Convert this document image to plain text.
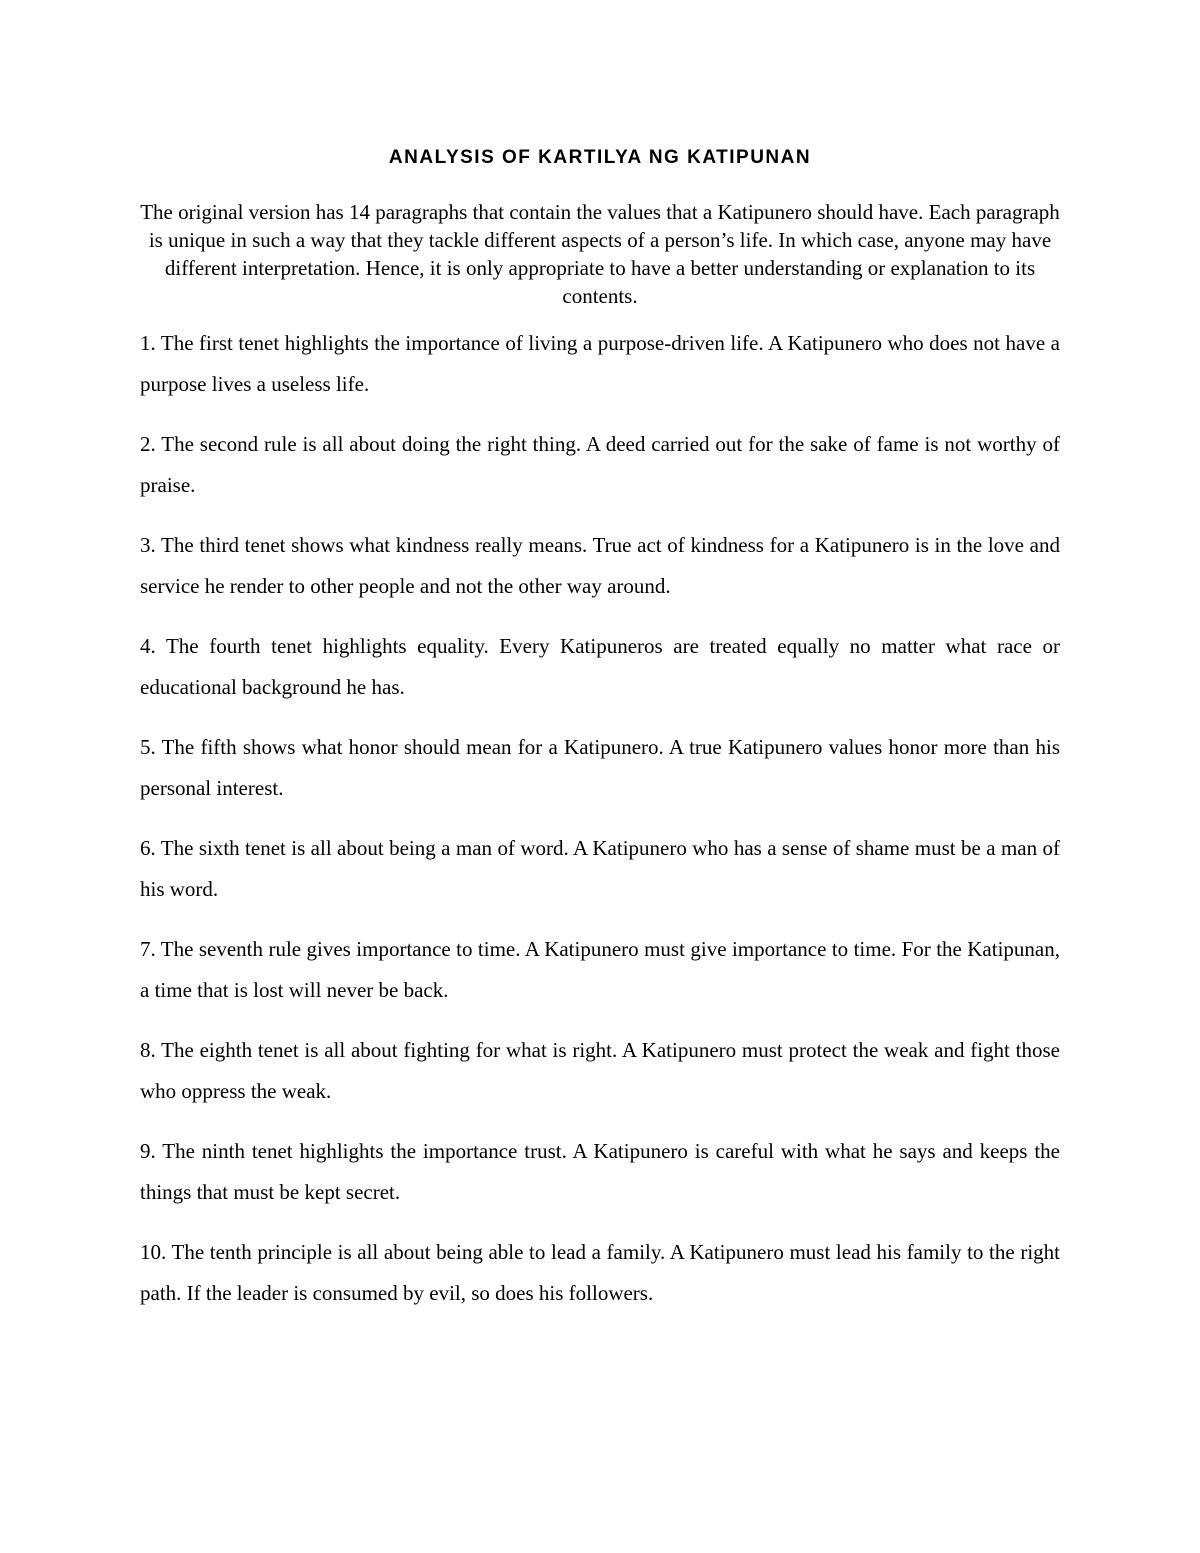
ANALYSIS OF KARTILYA NG KATIPUNAN

The original version has 14 paragraphs that contain the values that a Katipunero should have. Each paragraph is unique in such a way that they tackle different aspects of a person’s life. In which case, anyone may have different interpretation. Hence, it is only appropriate to have a better understanding or explanation to its contents.

1. The first tenet highlights the importance of living a purpose-driven life. A Katipunero who does not have a purpose lives a useless life.
2. The second rule is all about doing the right thing. A deed carried out for the sake of fame is not worthy of praise.
3. The third tenet shows what kindness really means. True act of kindness for a Katipunero is in the love and service he render to other people and not the other way around.
4. The fourth tenet highlights equality. Every Katipuneros are treated equally no matter what race or educational background he has.
5. The fifth shows what honor should mean for a Katipunero. A true Katipunero values honor more than his personal interest.
6. The sixth tenet is all about being a man of word. A Katipunero who has a sense of shame must be a man of his word.
7. The seventh rule gives importance to time. A Katipunero must give importance to time. For the Katipunan, a time that is lost will never be back.
8. The eighth tenet is all about fighting for what is right. A Katipunero must protect the weak and fight those who oppress the weak.
9. The ninth tenet highlights the importance trust. A Katipunero is careful with what he says and keeps the things that must be kept secret.
10. The tenth principle is all about being able to lead a family. A Katipunero must lead his family to the right path. If the leader is consumed by evil, so does his followers.
